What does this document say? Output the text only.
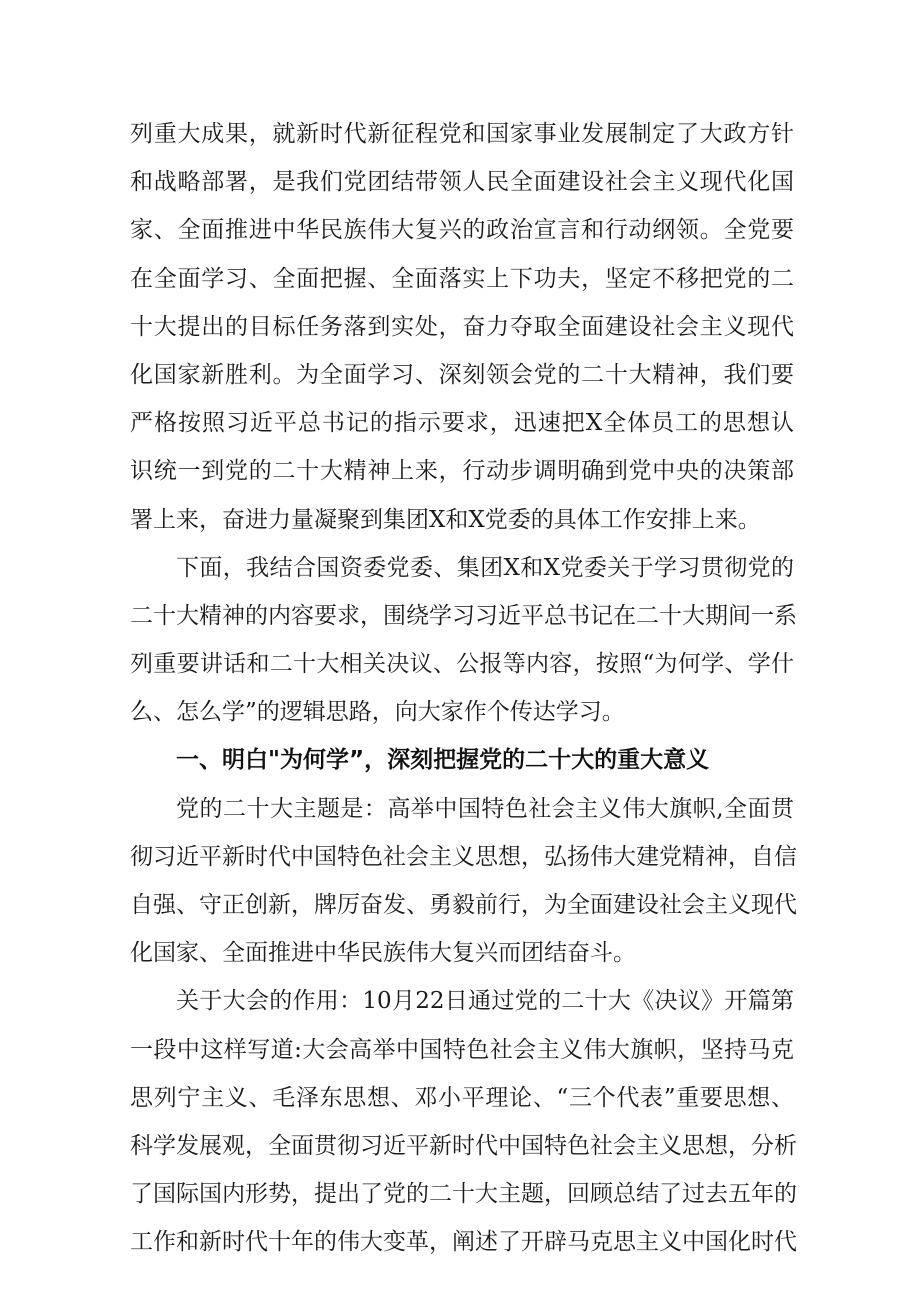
列重大成果，就新时代新征程党和国家事业发展制定了大政方针
和战略部署，是我们党团结带领人民全面建设社会主义现代化国
家、全面推进中华民族伟大复兴的政治宣言和行动纲领。全党要
在全面学习、全面把握、全面落实上下功夫，坚定不移把党的二
十大提出的目标任务落到实处，奋力夺取全面建设社会主义现代
化国家新胜利。为全面学习、深刻领会党的二十大精神，我们要
严格按照习近平总书记的指示要求，迅速把X全体员工的思想认
识统一到党的二十大精神上来，行动步调明确到党中央的决策部
署上来，奋进力量凝聚到集团X和X党委的具体工作安排上来。
下面，我结合国资委党委、集团X和X党委关于学习贯彻党的
二十大精神的内容要求，围绕学习习近平总书记在二十大期间一系
列重要讲话和二十大相关决议、公报等内容，按照“为何学、学什
么、怎么学”的逻辑思路，向大家作个传达学习。
一、明白"为何学”，深刻把握党的二十大的重大意义
党的二十大主题是：高举中国特色社会主义伟大旗帜,全面贯
彻习近平新时代中国特色社会主义思想，弘扬伟大建党精神，自信
自强、守正创新，牌厉奋发、勇毅前行，为全面建设社会主义现代
化国家、全面推进中华民族伟大复兴而团结奋斗。
关于大会的作用：10月22日通过党的二十大《决议》开篇第
一段中这样写道:大会高举中国特色社会主义伟大旗帜，坚持马克
思列宁主义、毛泽东思想、邓小平理论、“三个代表”重要思想、
科学发展观，全面贯彻习近平新时代中国特色社会主义思想，分析
了国际国内形势，提出了党的二十大主题，回顾总结了过去五年的
工作和新时代十年的伟大变革，阐述了开辟马克思主义中国化时代
